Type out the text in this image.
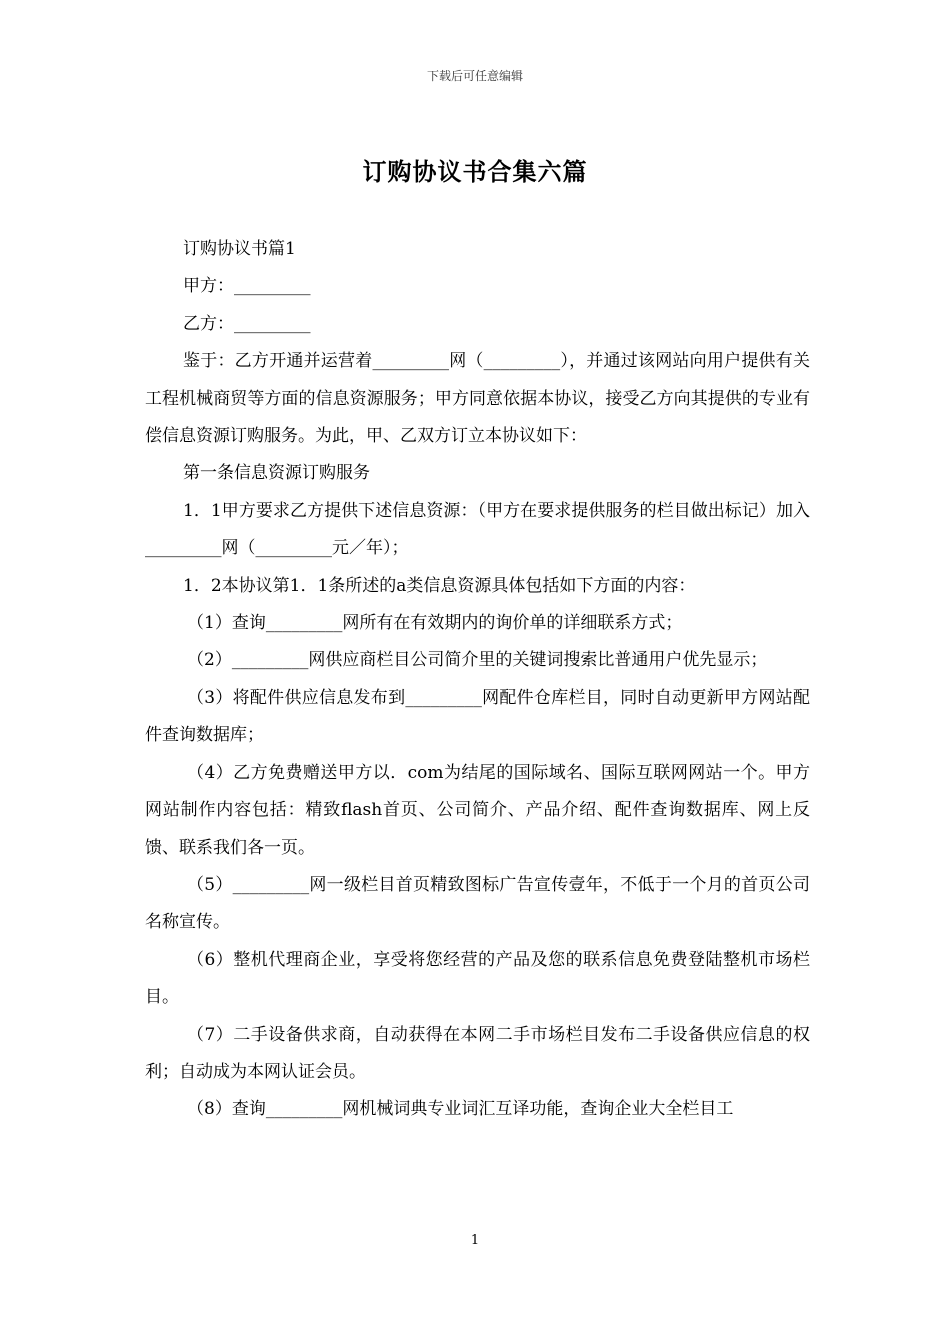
下载后可任意编辑
订购协议书合集六篇

订购协议书篇1

甲方：_________

乙方：_________

鉴于：乙方开通并运营着_________网（_________），并通过该网站向用户提供有关工程机械商贸等方面的信息资源服务；甲方同意依据本协议，接受乙方向其提供的专业有偿信息资源订购服务。为此，甲、乙双方订立本协议如下：

第一条信息资源订购服务

1．1甲方要求乙方提供下述信息资源：（甲方在要求提供服务的栏目做出标记）加入_________网（_________元／年）；

1．2本协议第1．1条所述的a类信息资源具体包括如下方面的内容：

（1）查询_________网所有在有效期内的询价单的详细联系方式；

（2）_________网供应商栏目公司简介里的关键词搜索比普通用户优先显示；

（3）将配件供应信息发布到_________网配件仓库栏目，同时自动更新甲方网站配件查询数据库；

（4）乙方免费赠送甲方以．com为结尾的国际域名、国际互联网网站一个。甲方网站制作内容包括：精致flash首页、公司简介、产品介绍、配件查询数据库、网上反馈、联系我们各一页。

（5）_________网一级栏目首页精致图标广告宣传壹年，不低于一个月的首页公司名称宣传。

（6）整机代理商企业，享受将您经营的产品及您的联系信息免费登陆整机市场栏目。

（7）二手设备供求商，自动获得在本网二手市场栏目发布二手设备供应信息的权利；自动成为本网认证会员。

（8）查询_________网机械词典专业词汇互译功能，查询企业大全栏目工

1
